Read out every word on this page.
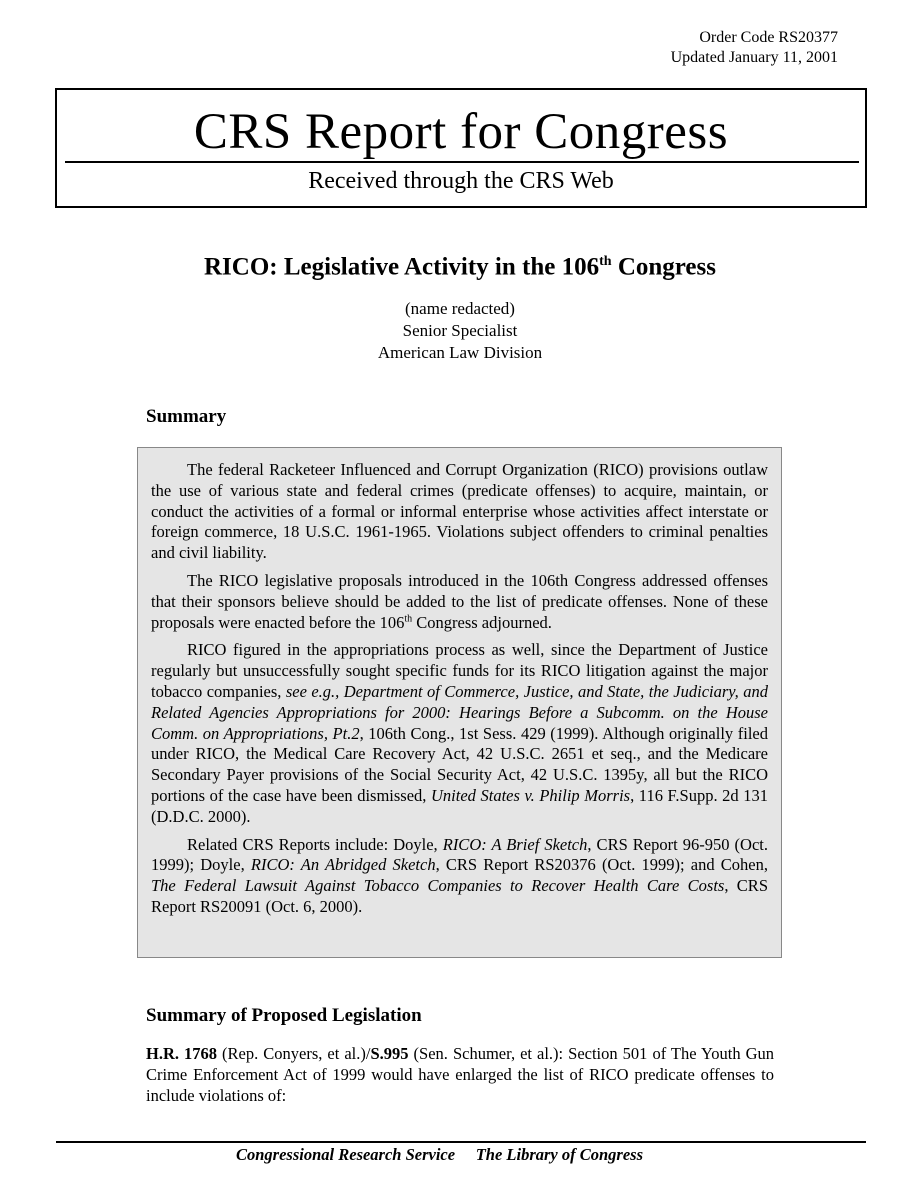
Order Code RS20377
Updated January 11, 2001
CRS Report for Congress
Received through the CRS Web
RICO: Legislative Activity in the 106th Congress
(name redacted)
Senior Specialist
American Law Division
Summary

The federal Racketeer Influenced and Corrupt Organization (RICO) provisions outlaw the use of various state and federal crimes (predicate offenses) to acquire, maintain, or conduct the activities of a formal or informal enterprise whose activities affect interstate or foreign commerce, 18 U.S.C. 1961-1965. Violations subject offenders to criminal penalties and civil liability.

The RICO legislative proposals introduced in the 106th Congress addressed offenses that their sponsors believe should be added to the list of predicate offenses. None of these proposals were enacted before the 106th Congress adjourned.

RICO figured in the appropriations process as well, since the Department of Justice regularly but unsuccessfully sought specific funds for its RICO litigation against the major tobacco companies, see e.g., Department of Commerce, Justice, and State, the Judiciary, and Related Agencies Appropriations for 2000: Hearings Before a Subcomm. on the House Comm. on Appropriations, Pt.2, 106th Cong., 1st Sess. 429 (1999). Although originally filed under RICO, the Medical Care Recovery Act, 42 U.S.C. 2651 et seq., and the Medicare Secondary Payer provisions of the Social Security Act, 42 U.S.C. 1395y, all but the RICO portions of the case have been dismissed, United States v. Philip Morris, 116 F.Supp. 2d 131 (D.D.C. 2000).

Related CRS Reports include: Doyle, RICO: A Brief Sketch, CRS Report 96-950 (Oct. 1999); Doyle, RICO: An Abridged Sketch, CRS Report RS20376 (Oct. 1999); and Cohen, The Federal Lawsuit Against Tobacco Companies to Recover Health Care Costs, CRS Report RS20091 (Oct. 6, 2000).

Summary of Proposed Legislation
H.R. 1768 (Rep. Conyers, et al.)/S.995 (Sen. Schumer, et al.): Section 501 of The Youth Gun Crime Enforcement Act of 1999 would have enlarged the list of RICO predicate offenses to include violations of:
Congressional Research Service The Library of Congress
